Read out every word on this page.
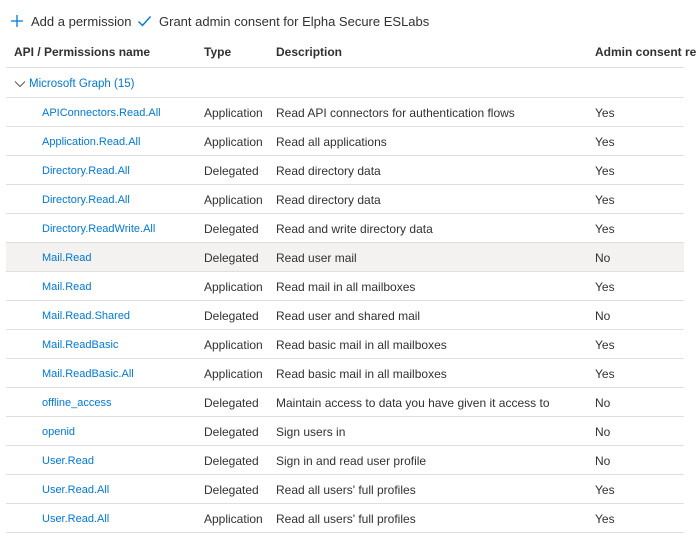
Add a permission Grant admin consent for Elpha Secure ESLabs
API / Permissions name	Type	Description	Admin consent re
Microsoft Graph (15)
APIConnectors.Read.All	Application Read API connectors for authentication flows	Yes
Application.Read.All	Application Read all applications	Yes
Directory.Read.All	Delegated Read directory data	Yes
Directory.Read.All	Application Read directory data	Yes
Directory.ReadWrite.All	Delegated Read and write directory data	Yes
Mail.Read	Delegated Read user mail	No
Mail.Read	Application Read mail in all mailboxes	Yes
Mail.Read.Shared	Delegated Read user and shared mail	No
Mail.ReadBasic	Application Read basic mail in all mailboxes	Yes
Mail.ReadBasic.All	Application Read basic mail in all mailboxes	Yes
offline_access	Delegated Maintain access to data you have given it access to	No
openid	Delegated Sign users in	No
User.Read	Delegated Sign in and read user profile	No
User.Read.All	Delegated Read all users' full profiles	Yes
User.Read.All	Application Read all users' full profiles	Yes
